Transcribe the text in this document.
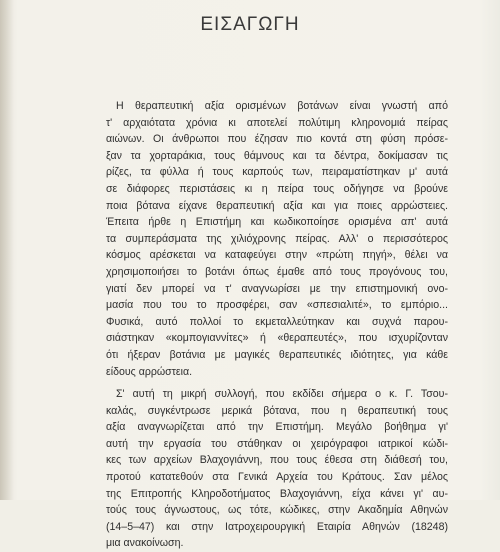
ΕΙΣΑΓΩΓΗ

Η θεραπευτική αξία ορισμένων βοτάνων είναι γνωστή από
τ' αρχαιότατα χρόνια κι αποτελεί πολύτιμη κληρονομιά πείρας
αιώνων. Οι άνθρωποι που έζησαν πιο κοντά στη φύση πρόσε-
ξαν τα χορταράκια, τους θάμνους και τα δέντρα, δοκίμασαν τις
ρίζες, τα φύλλα ή τους καρπούς των, πειραματίστηκαν μ' αυτά
σε διάφορες περιστάσεις κι η πείρα τους οδήγησε να βρούνε
ποια βότανα είχανε θεραπευτική αξία και για ποιες αρρώστειες.
Έπειτα ήρθε η Επιστήμη και κωδικοποίησε ορισμένα απ' αυτά
τα συμπεράσματα της χιλιόχρονης πείρας. Αλλ' ο περισσότερος
κόσμος αρέσκεται να καταφεύγει στην «πρώτη πηγή», θέλει να
χρησιμοποιήσει το βοτάνι όπως έμαθε από τους προγόνους του,
γιατί δεν μπορεί να τ' αναγνωρίσει με την επιστημονική ονο-
μασία που του το προσφέρει, σαν «σπεσιαλιτέ», το εμπόριο...
Φυσικά, αυτό πολλοί το εκμεταλλεύτηκαν και συχνά παρου-
σιάστηκαν «κομπογιαννίτες» ή «θεραπευτές», που ισχυρίζονταν
ότι ήξεραν βοτάνια με μαγικές θεραπευτικές ιδιότητες, για κάθε
είδους αρρώστεια.

Σ' αυτή τη μικρή συλλογή, που εκδίδει σήμερα ο κ. Γ. Τσου-
καλάς, συγκέντρωσε μερικά βότανα, που η θεραπευτική τους
αξία αναγνωρίζεται από την Επιστήμη. Μεγάλο βοήθημα γι'
αυτή την εργασία του στάθηκαν οι χειρόγραφοι ιατρικοί κώδι-
κες των αρχείων Βλαχογιάννη, που τους έθεσα στη διάθεσή του,
προτού κατατεθούν στα Γενικά Αρχεία του Κράτους. Σαν μέλος
της Επιτροπής Κληροδοτήματος Βλαχογιάννη, είχα κάνει γι' αυ-
τούς τους άγνωστους, ως τότε, κώδικες, στην Ακαδημία Αθηνών
(14–5–47) και στην Ιατροχειρουργική Εταιρία Αθηνών (18248)
μια ανακοίνωση.
